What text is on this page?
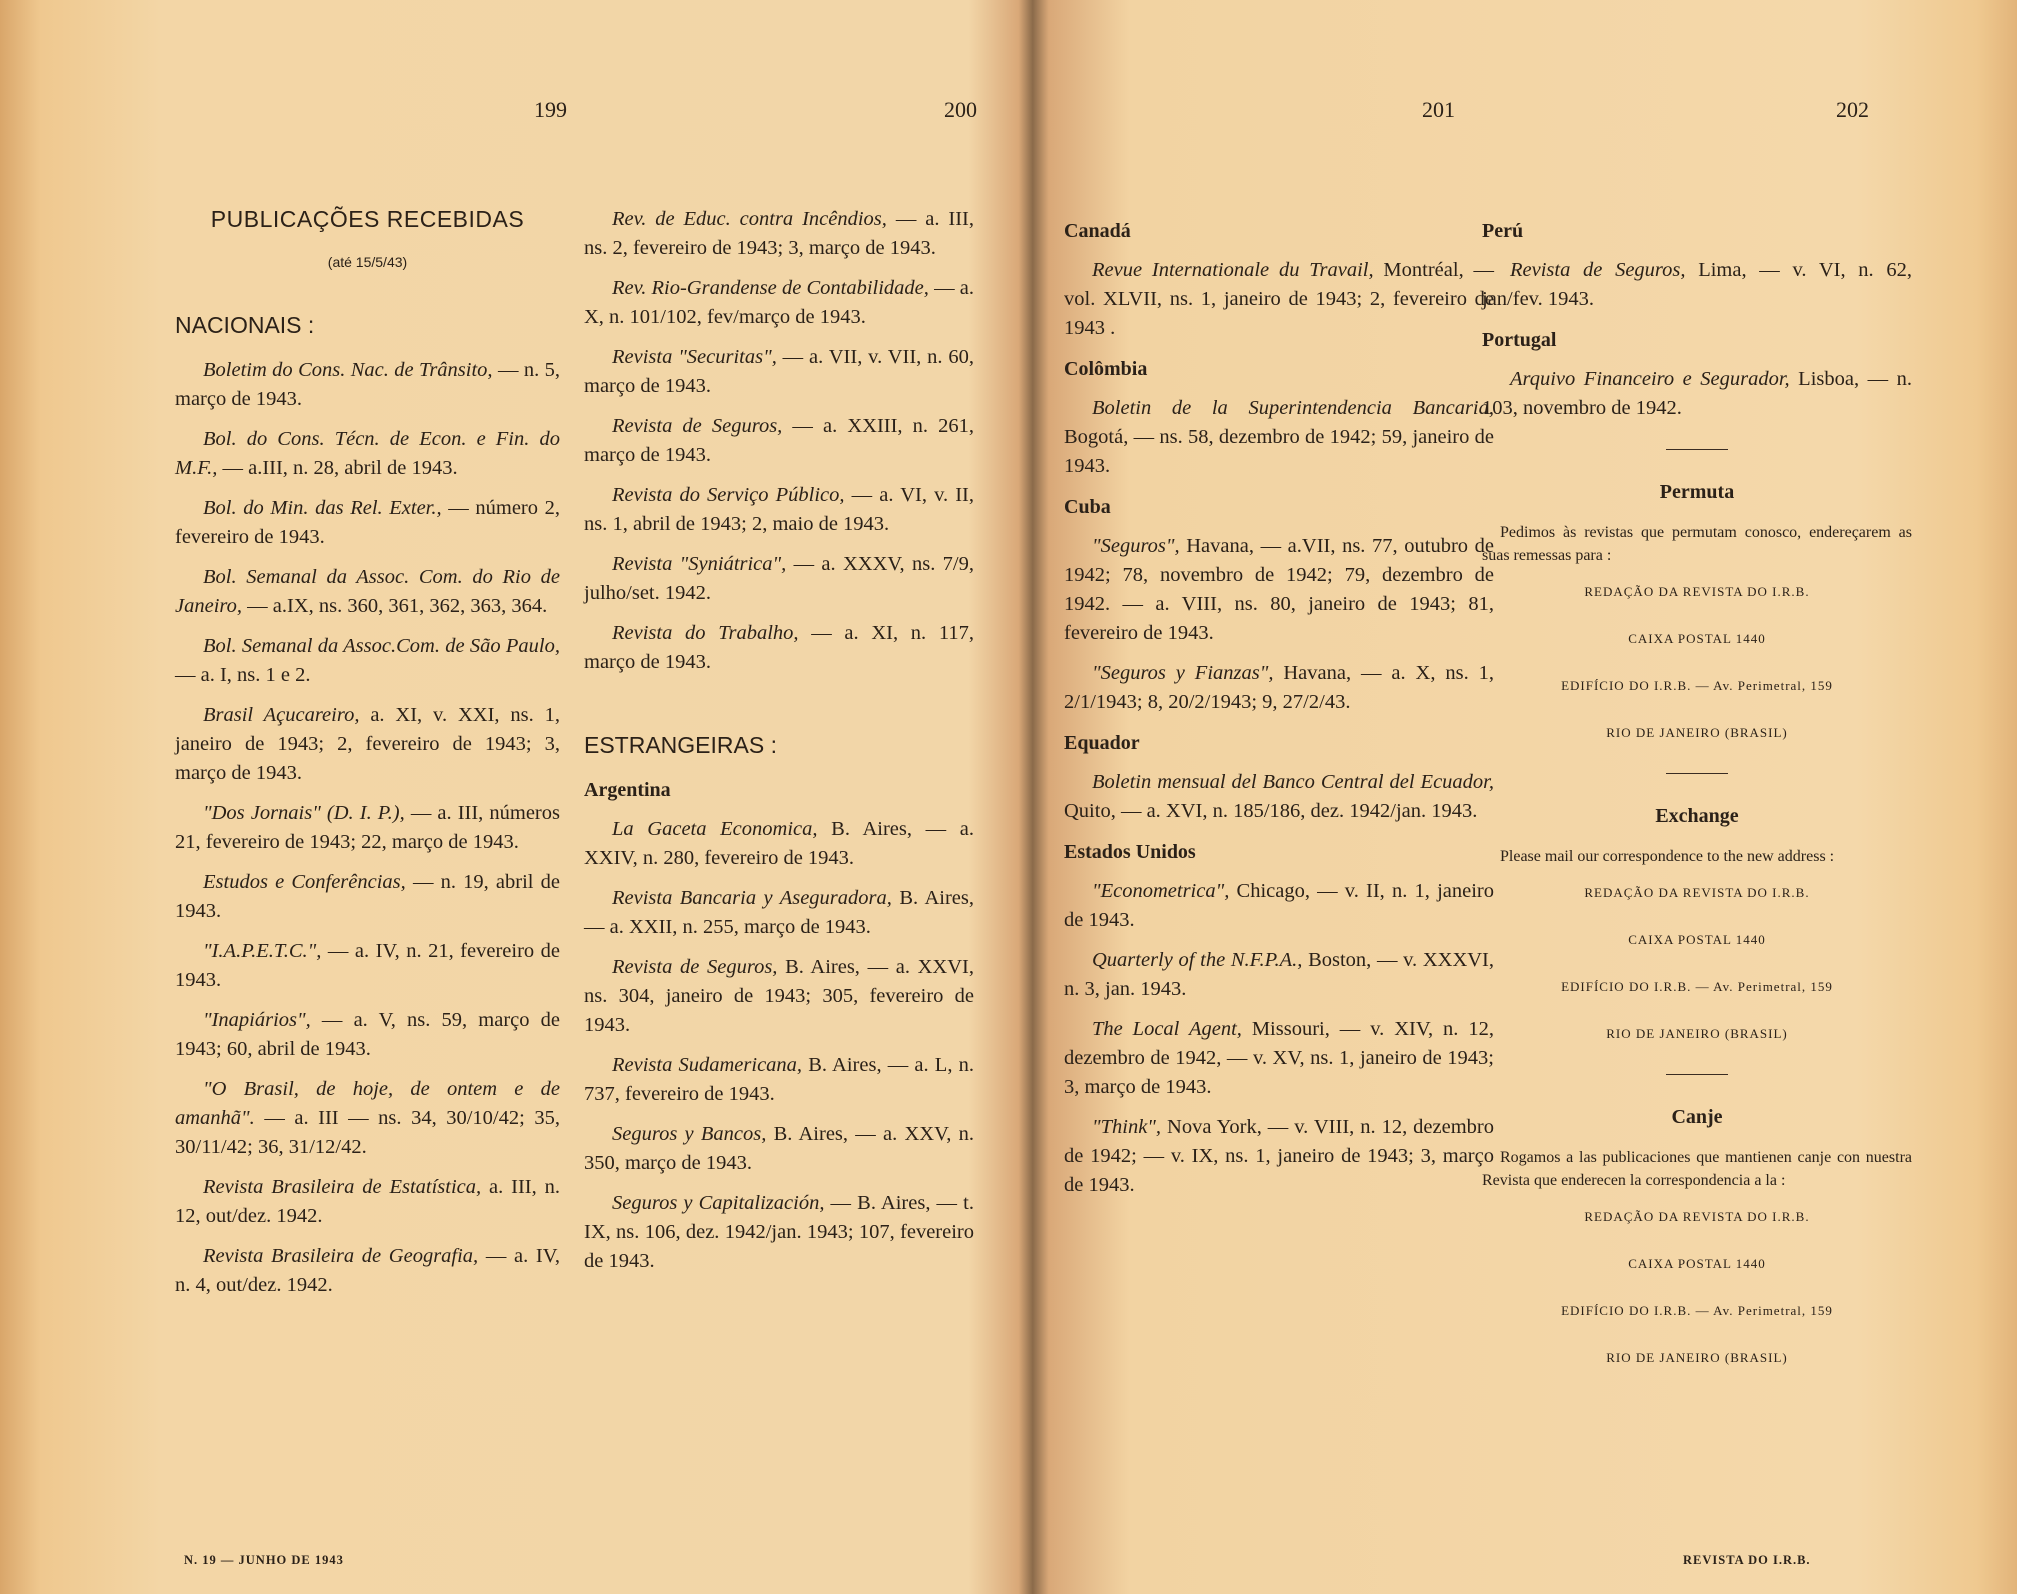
199	200

PUBLICAÇÕES RECEBIDAS

(até 15/5/43)

NACIONAIS :

Boletim do Cons. Nac. de Trânsito, — n. 5, março de 1943.

Bol. do Cons. Técn. de Econ. e Fin. do M.F., — a.III, n. 28, abril de 1943.

Bol. do Min. das Rel. Exter., — número 2, fevereiro de 1943.

Bol. Semanal da Assoc. Com. do Rio de Janeiro, — a.IX, ns. 360, 361, 362, 363, 364.

Bol. Semanal da Assoc.Com. de São Paulo, — a. I, ns. 1 e 2.

Brasil Açucareiro, a. XI, v. XXI, ns. 1, janeiro de 1943; 2, fevereiro de 1943; 3, março de 1943.

"Dos Jornais" (D. I. P.), — a. III, números 21, fevereiro de 1943; 22, março de 1943.

Estudos e Conferências, — n. 19, abril de 1943.

"I.A.P.E.T.C.", — a. IV, n. 21, fevereiro de 1943.

"Inapiários", — a. V, ns. 59, março de 1943; 60, abril de 1943.

"O Brasil, de hoje, de ontem e de amanhã". — a. III — ns. 34, 30/10/42; 35, 30/11/42; 36, 31/12/42.

Revista Brasileira de Estatística, a. III, n. 12, out/dez. 1942.

Revista Brasileira de Geografia, — a. IV, n. 4, out/dez. 1942.

Rev. de Educ. contra Incêndios, — a. III, ns. 2, fevereiro de 1943; 3, março de 1943.

Rev. Rio-Grandense de Contabilidade, — a. X, n. 101/102, fev/março de 1943.

Revista "Securitas", — a. VII, v. VII, n. 60, março de 1943.

Revista de Seguros, — a. XXIII, n. 261, março de 1943.

Revista do Serviço Público, — a. VI, v. II, ns. 1, abril de 1943; 2, maio de 1943.

Revista "Syniátrica", — a. XXXV, ns. 7/9, julho/set. 1942.

Revista do Trabalho, — a. XI, n. 117, março de 1943.

ESTRANGEIRAS :

Argentina

La Gaceta Economica, B. Aires, — a. XXIV, n. 280, fevereiro de 1943.

Revista Bancaria y Aseguradora, B. Aires, — a. XXII, n. 255, março de 1943.

Revista de Seguros, B. Aires, — a. XXVI, ns. 304, janeiro de 1943; 305, fevereiro de 1943.

Revista Sudamericana, B. Aires, — a. L, n. 737, fevereiro de 1943.

Seguros y Bancos, B. Aires, — a. XXV, n. 350, março de 1943.

Seguros y Capitalización, — B. Aires, — t. IX, ns. 106, dez. 1942/jan. 1943; 107, fevereiro de 1943.

N. 19 — JUNHO DE 1943
201	202

Canadá

Revue Internationale du Travail, Montréal, — vol. XLVII, ns. 1, janeiro de 1943; 2, fevereiro de 1943 .

Colômbia

Boletin de la Superintendencia Bancaria, Bogotá, — ns. 58, dezembro de 1942; 59, janeiro de 1943.

Cuba

"Seguros", Havana, — a.VII, ns. 77, outubro de 1942; 78, novembro de 1942; 79, dezembro de 1942. — a. VIII, ns. 80, janeiro de 1943; 81, fevereiro de 1943.

"Seguros y Fianzas", Havana, — a. X, ns. 1, 2/1/1943; 8, 20/2/1943; 9, 27/2/43.

Equador

Boletin mensual del Banco Central del Ecuador, Quito, — a. XVI, n. 185/186, dez. 1942/jan. 1943.

Estados Unidos

"Econometrica", Chicago, — v. II, n. 1, janeiro de 1943.

Quarterly of the N.F.P.A., Boston, — v. XXXVI, n. 3, jan. 1943.

The Local Agent, Missouri, — v. XIV, n. 12, dezembro de 1942, — v. XV, ns. 1, janeiro de 1943; 3, março de 1943.

"Think", Nova York, — v. VIII, n. 12, dezembro de 1942; — v. IX, ns. 1, janeiro de 1943; 3, março de 1943.

Perú

Revista de Seguros, Lima, — v. VI, n. 62, jan/fev. 1943.

Portugal

Arquivo Financeiro e Segurador, Lisboa, — n. 103, novembro de 1942.

Permuta

Pedimos às revistas que permutam conosco, endereçarem as suas remessas para :

REDAÇÃO DA REVISTA DO I.R.B.

CAIXA POSTAL 1440

EDIFÍCIO DO I.R.B. — Av. Perimetral, 159

RIO DE JANEIRO (BRASIL)

Exchange

Please mail our correspondence to the new address :

REDAÇÃO DA REVISTA DO I.R.B.

CAIXA POSTAL 1440

EDIFÍCIO DO I.R.B. — Av. Perimetral, 159

RIO DE JANEIRO (BRASIL)

Canje

Rogamos a las publicaciones que mantienen canje con nuestra Revista que enderecen la correspondencia a la :

REDAÇÃO DA REVISTA DO I.R.B.

CAIXA POSTAL 1440

EDIFÍCIO DO I.R.B. — Av. Perimetral, 159

RIO DE JANEIRO (BRASIL)

REVISTA DO I.R.B.
